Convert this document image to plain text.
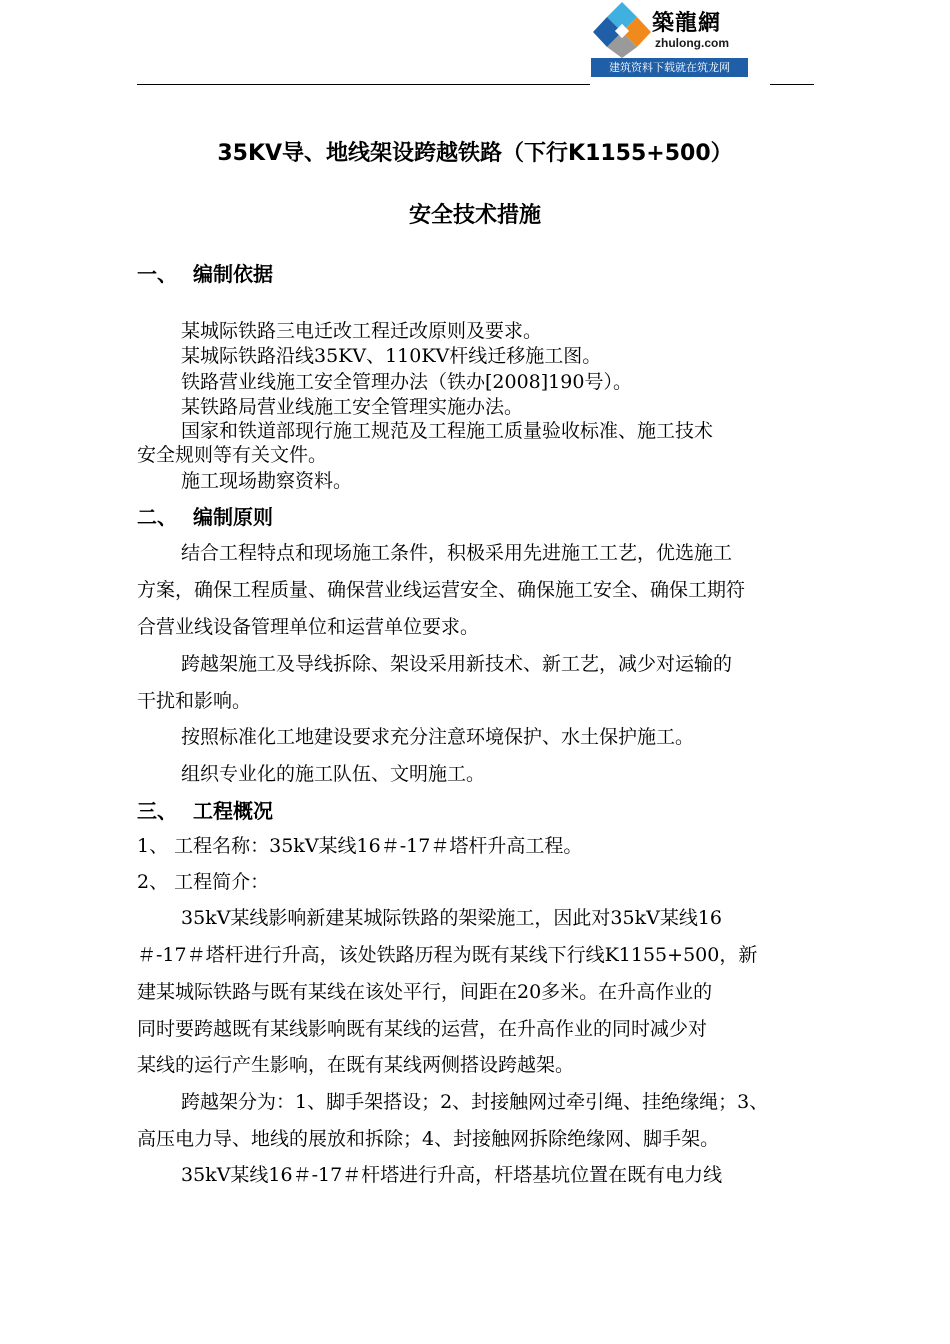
築龍網
zhulong.com
建筑资料下载就在筑龙网
35KV导、地线架设跨越铁路（下行K1155+500）
安全技术措施
一、 编制依据
某城际铁路三电迁改工程迁改原则及要求。
某城际铁路沿线35KV、110KV杆线迁移施工图。
铁路营业线施工安全管理办法（铁办[2008]190号）。
某铁路局营业线施工安全管理实施办法。
国家和铁道部现行施工规范及工程施工质量验收标准、施工技术
安全规则等有关文件。
施工现场勘察资料。
二、 编制原则
结合工程特点和现场施工条件，积极采用先进施工工艺，优选施工
方案，确保工程质量、确保营业线运营安全、确保施工安全、确保工期符
合营业线设备管理单位和运营单位要求。
跨越架施工及导线拆除、架设采用新技术、新工艺，减少对运输的
干扰和影响。
按照标准化工地建设要求充分注意环境保护、水土保护施工。
组织专业化的施工队伍、文明施工。
三、 工程概况
1、 工程名称：35kV某线16＃-17＃塔杆升高工程。
2、 工程简介：
35kV某线影响新建某城际铁路的架梁施工，因此对35kV某线16
＃-17＃塔杆进行升高，该处铁路历程为既有某线下行线K1155+500，新
建某城际铁路与既有某线在该处平行，间距在20多米。在升高作业的
同时要跨越既有某线影响既有某线的运营，在升高作业的同时减少对
某线的运行产生影响，在既有某线两侧搭设跨越架。
跨越架分为：1、脚手架搭设；2、封接触网过牵引绳、挂绝缘绳；3、
高压电力导、地线的展放和拆除；4、封接触网拆除绝缘网、脚手架。
35kV某线16＃-17＃杆塔进行升高，杆塔基坑位置在既有电力线
